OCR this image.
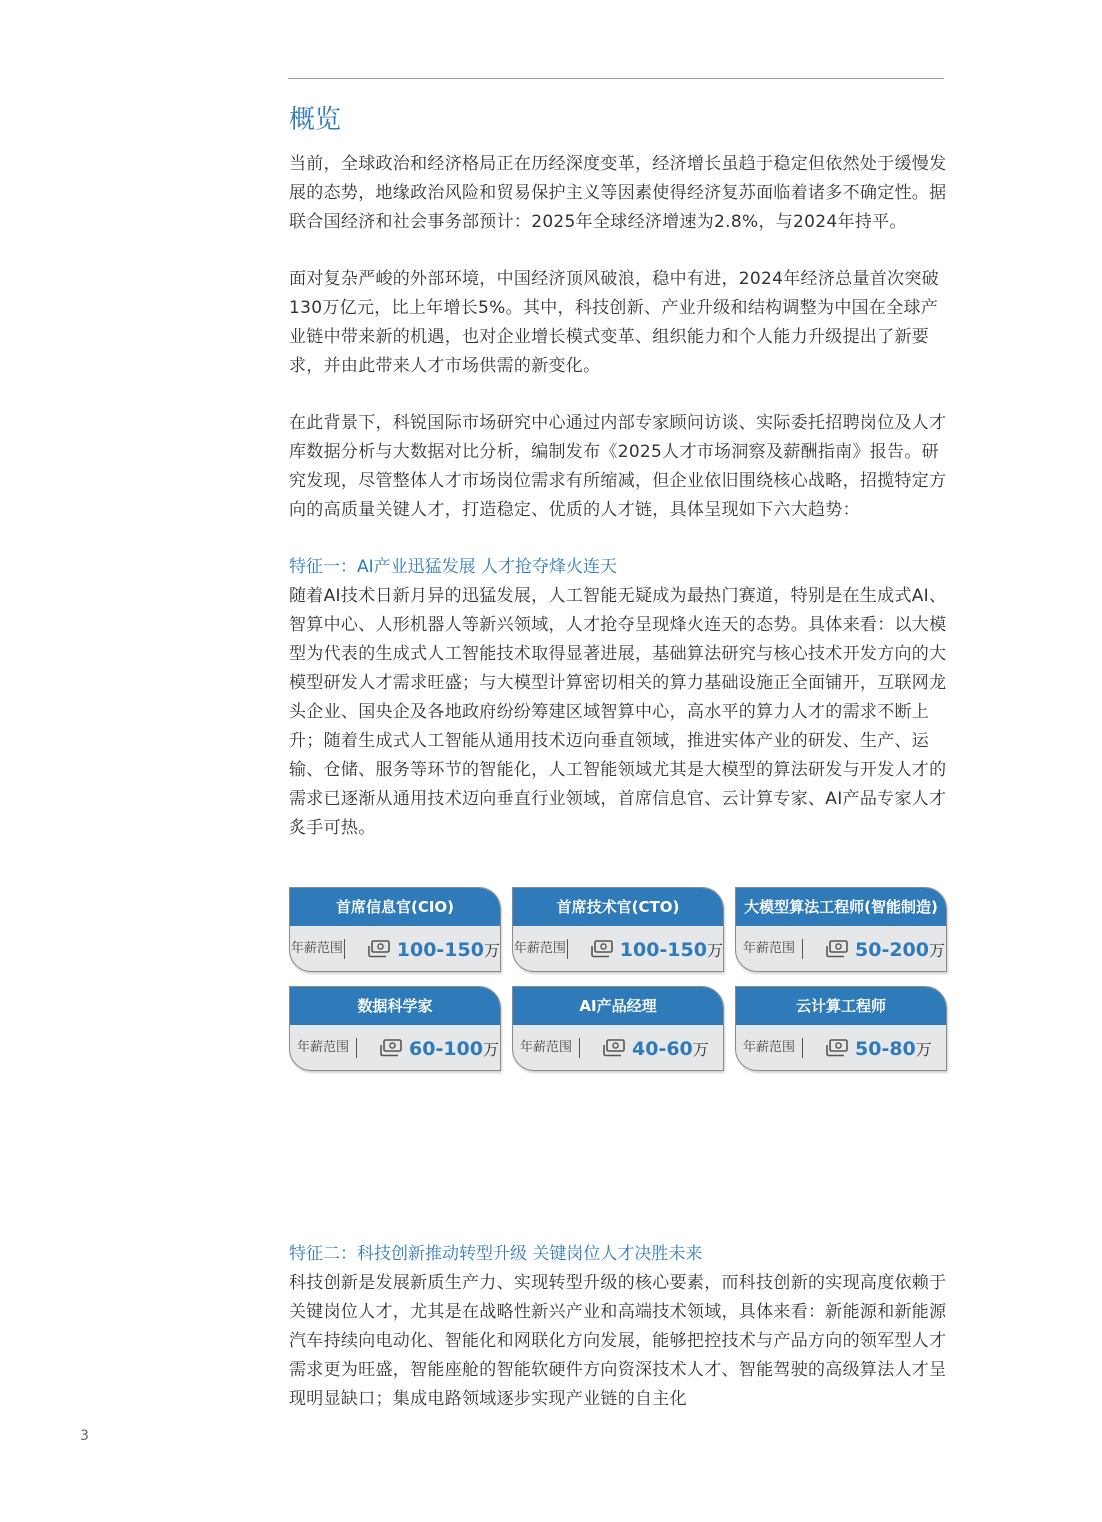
概览

当前，全球政治和经济格局正在历经深度变革，经济增长虽趋于稳定但依然处于缓慢发展的态势，地缘政治风险和贸易保护主义等因素使得经济复苏面临着诸多不确定性。据联合国经济和社会事务部预计：2025年全球经济增速为2.8%，与2024年持平。

面对复杂严峻的外部环境，中国经济顶风破浪，稳中有进，2024年经济总量首次突破130万亿元，比上年增长5%。其中，科技创新、产业升级和结构调整为中国在全球产业链中带来新的机遇，也对企业增长模式变革、组织能力和个人能力升级提出了新要求，并由此带来人才市场供需的新变化。

在此背景下，科锐国际市场研究中心通过内部专家顾问访谈、实际委托招聘岗位及人才库数据分析与大数据对比分析，编制发布《2025人才市场洞察及薪酬指南》报告。研究发现，尽管整体人才市场岗位需求有所缩减，但企业依旧围绕核心战略，招揽特定方向的高质量关键人才，打造稳定、优质的人才链，具体呈现如下六大趋势：

特征一：AI产业迅猛发展 人才抢夺烽火连天

随着AI技术日新月异的迅猛发展，人工智能无疑成为最热门赛道，特别是在生成式AI、智算中心、人形机器人等新兴领域，人才抢夺呈现烽火连天的态势。具体来看：以大模型为代表的生成式人工智能技术取得显著进展，基础算法研究与核心技术开发方向的大模型研发人才需求旺盛；与大模型计算密切相关的算力基础设施正全面铺开，互联网龙头企业、国央企及各地政府纷纷筹建区域智算中心，高水平的算力人才的需求不断上升；随着生成式人工智能从通用技术迈向垂直领域，推进实体产业的研发、生产、运输、仓储、服务等环节的智能化，人工智能领域尤其是大模型的算法研发与开发人才的需求已逐渐从通用技术迈向垂直行业领域，首席信息官、云计算专家、AI产品专家人才炙手可热。

首席信息官(CIO)
年薪范围	100-150万
首席技术官(CTO)
年薪范围	100-150万
大模型算法工程师(智能制造)
年薪范围	50-200万
数据科学家
年薪范围	60-100万
AI产品经理
年薪范围	40-60万
云计算工程师
年薪范围	50-80万
特征二：科技创新推动转型升级 关键岗位人才决胜未来

科技创新是发展新质生产力、实现转型升级的核心要素，而科技创新的实现高度依赖于关键岗位人才，尤其是在战略性新兴产业和高端技术领域，具体来看：新能源和新能源汽车持续向电动化、智能化和网联化方向发展，能够把控技术与产品方向的领军型人才需求更为旺盛，智能座舱的智能软硬件方向资深技术人才、智能驾驶的高级算法人才呈现明显缺口；集成电路领域逐步实现产业链的自主化

3
